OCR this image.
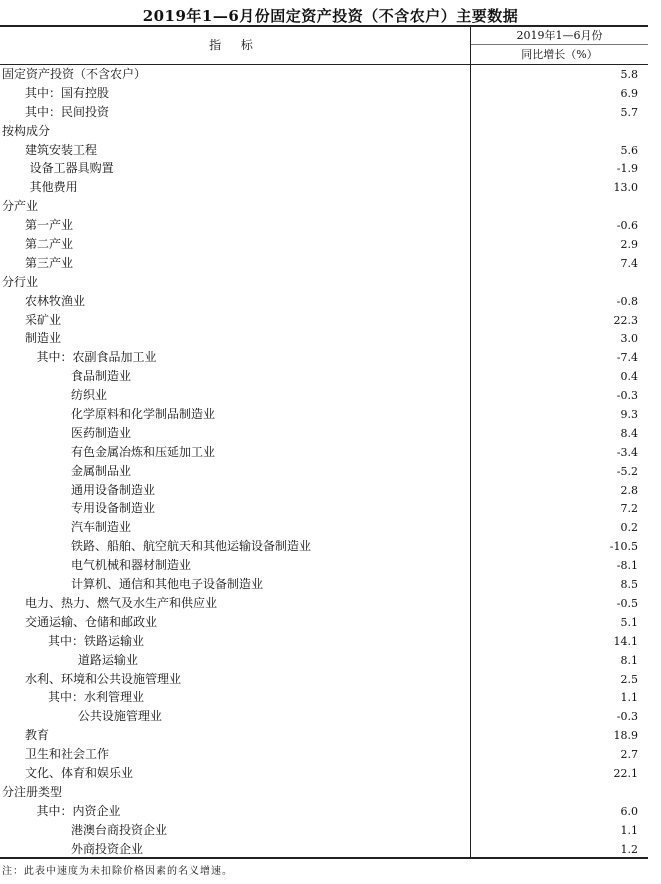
2019年1—6月份固定资产投资（不含农户）主要数据
指 标
2019年1—6月份
同比增长（%）
固定资产投资（不含农户）	5.8
其中：国有控股	6.9
其中：民间投资	5.7
按构成分
建筑安装工程	5.6
设备工器具购置	-1.9
其他费用	13.0
分产业
第一产业	-0.6
第二产业	2.9
第三产业	7.4
分行业
农林牧渔业	-0.8
采矿业	22.3
制造业	3.0
其中：农副食品加工业	-7.4
食品制造业	0.4
纺织业	-0.3
化学原料和化学制品制造业	9.3
医药制造业	8.4
有色金属冶炼和压延加工业	-3.4
金属制品业	-5.2
通用设备制造业	2.8
专用设备制造业	7.2
汽车制造业	0.2
铁路、船舶、航空航天和其他运输设备制造业	-10.5
电气机械和器材制造业	-8.1
计算机、通信和其他电子设备制造业	8.5
电力、热力、燃气及水生产和供应业	-0.5
交通运输、仓储和邮政业	5.1
其中：铁路运输业	14.1
道路运输业	8.1
水利、环境和公共设施管理业	2.5
其中：水利管理业	1.1
公共设施管理业	-0.3
教育	18.9
卫生和社会工作	2.7
文化、体育和娱乐业	22.1
分注册类型
其中：内资企业	6.0
港澳台商投资企业	1.1
外商投资企业	1.2
注：此表中速度为未扣除价格因素的名义增速。
